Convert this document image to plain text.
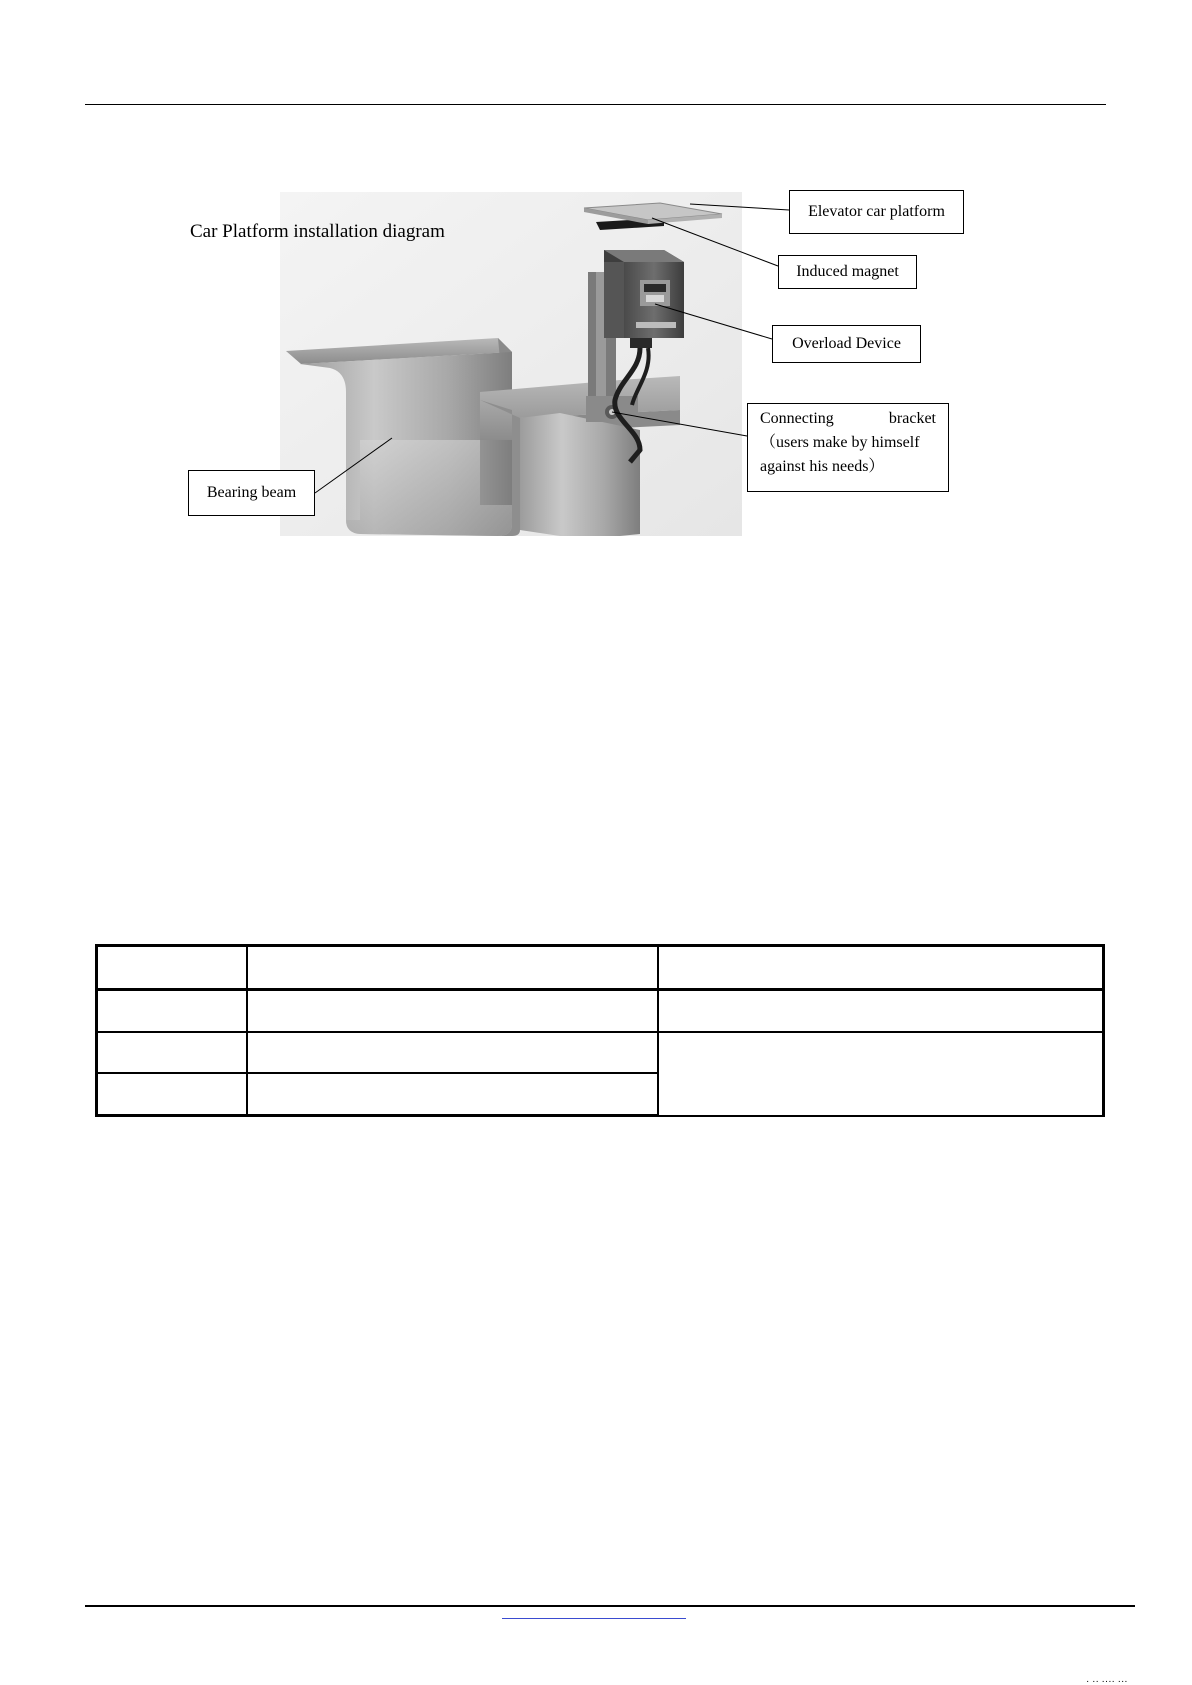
Car Platform installation diagram
Elevator car platform
Induced magnet
Overload Device
Bearing beam
Connecting	bracket
（users make by himself
against his needs）

· ·· ···· ···
